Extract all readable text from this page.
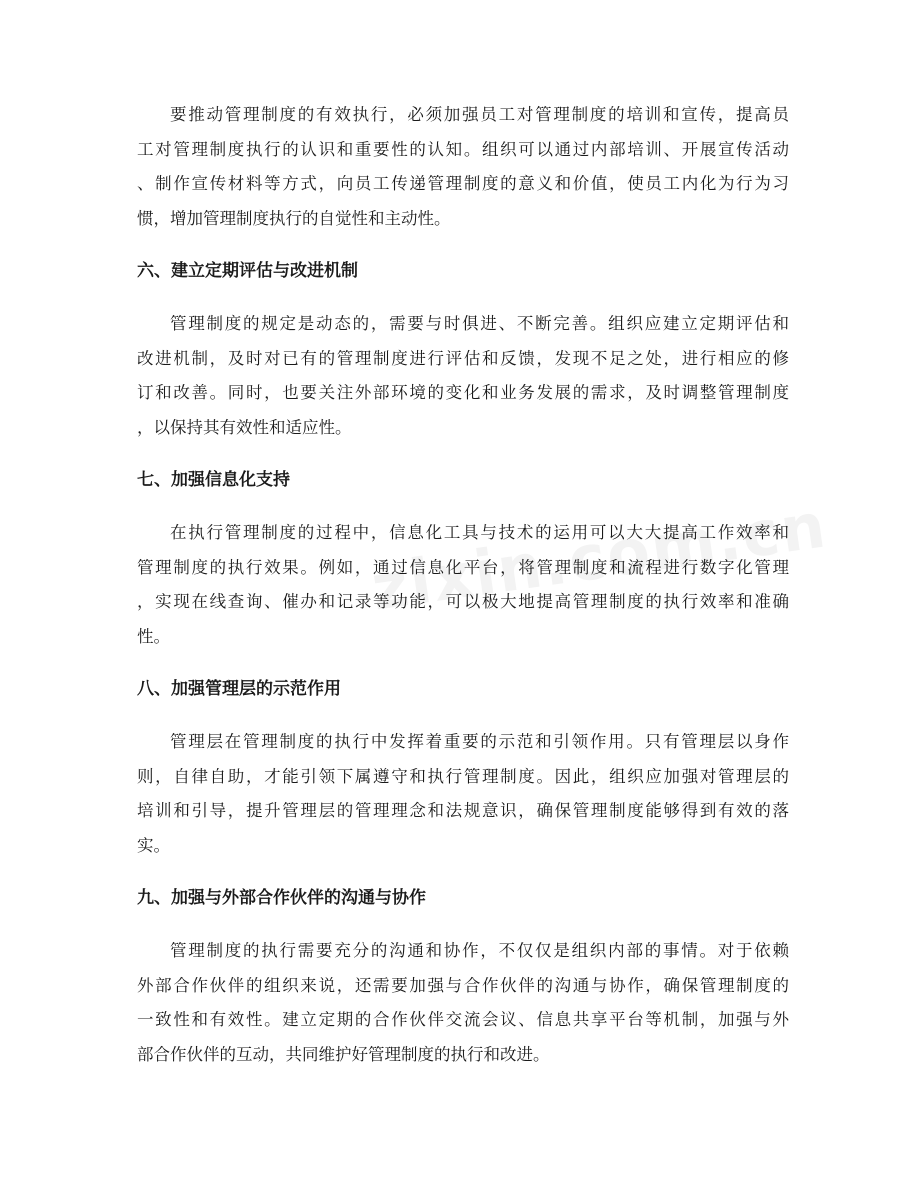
要推动管理制度的有效执行，必须加强员工对管理制度的培训和宣传，提高员
工对管理制度执行的认识和重要性的认知。组织可以通过内部培训、开展宣传活动
、制作宣传材料等方式，向员工传递管理制度的意义和价值，使员工内化为行为习
惯，增加管理制度执行的自觉性和主动性。

六、建立定期评估与改进机制

管理制度的规定是动态的，需要与时俱进、不断完善。组织应建立定期评估和
改进机制，及时对已有的管理制度进行评估和反馈，发现不足之处，进行相应的修
订和改善。同时，也要关注外部环境的变化和业务发展的需求，及时调整管理制度
，以保持其有效性和适应性。

七、加强信息化支持

在执行管理制度的过程中，信息化工具与技术的运用可以大大提高工作效率和
管理制度的执行效果。例如，通过信息化平台，将管理制度和流程进行数字化管理
，实现在线查询、催办和记录等功能，可以极大地提高管理制度的执行效率和准确
性。

八、加强管理层的示范作用

管理层在管理制度的执行中发挥着重要的示范和引领作用。只有管理层以身作
则，自律自助，才能引领下属遵守和执行管理制度。因此，组织应加强对管理层的
培训和引导，提升管理层的管理理念和法规意识，确保管理制度能够得到有效的落
实。

九、加强与外部合作伙伴的沟通与协作

管理制度的执行需要充分的沟通和协作，不仅仅是组织内部的事情。对于依赖
外部合作伙伴的组织来说，还需要加强与合作伙伴的沟通与协作，确保管理制度的
一致性和有效性。建立定期的合作伙伴交流会议、信息共享平台等机制，加强与外
部合作伙伴的互动，共同维护好管理制度的执行和改进。
